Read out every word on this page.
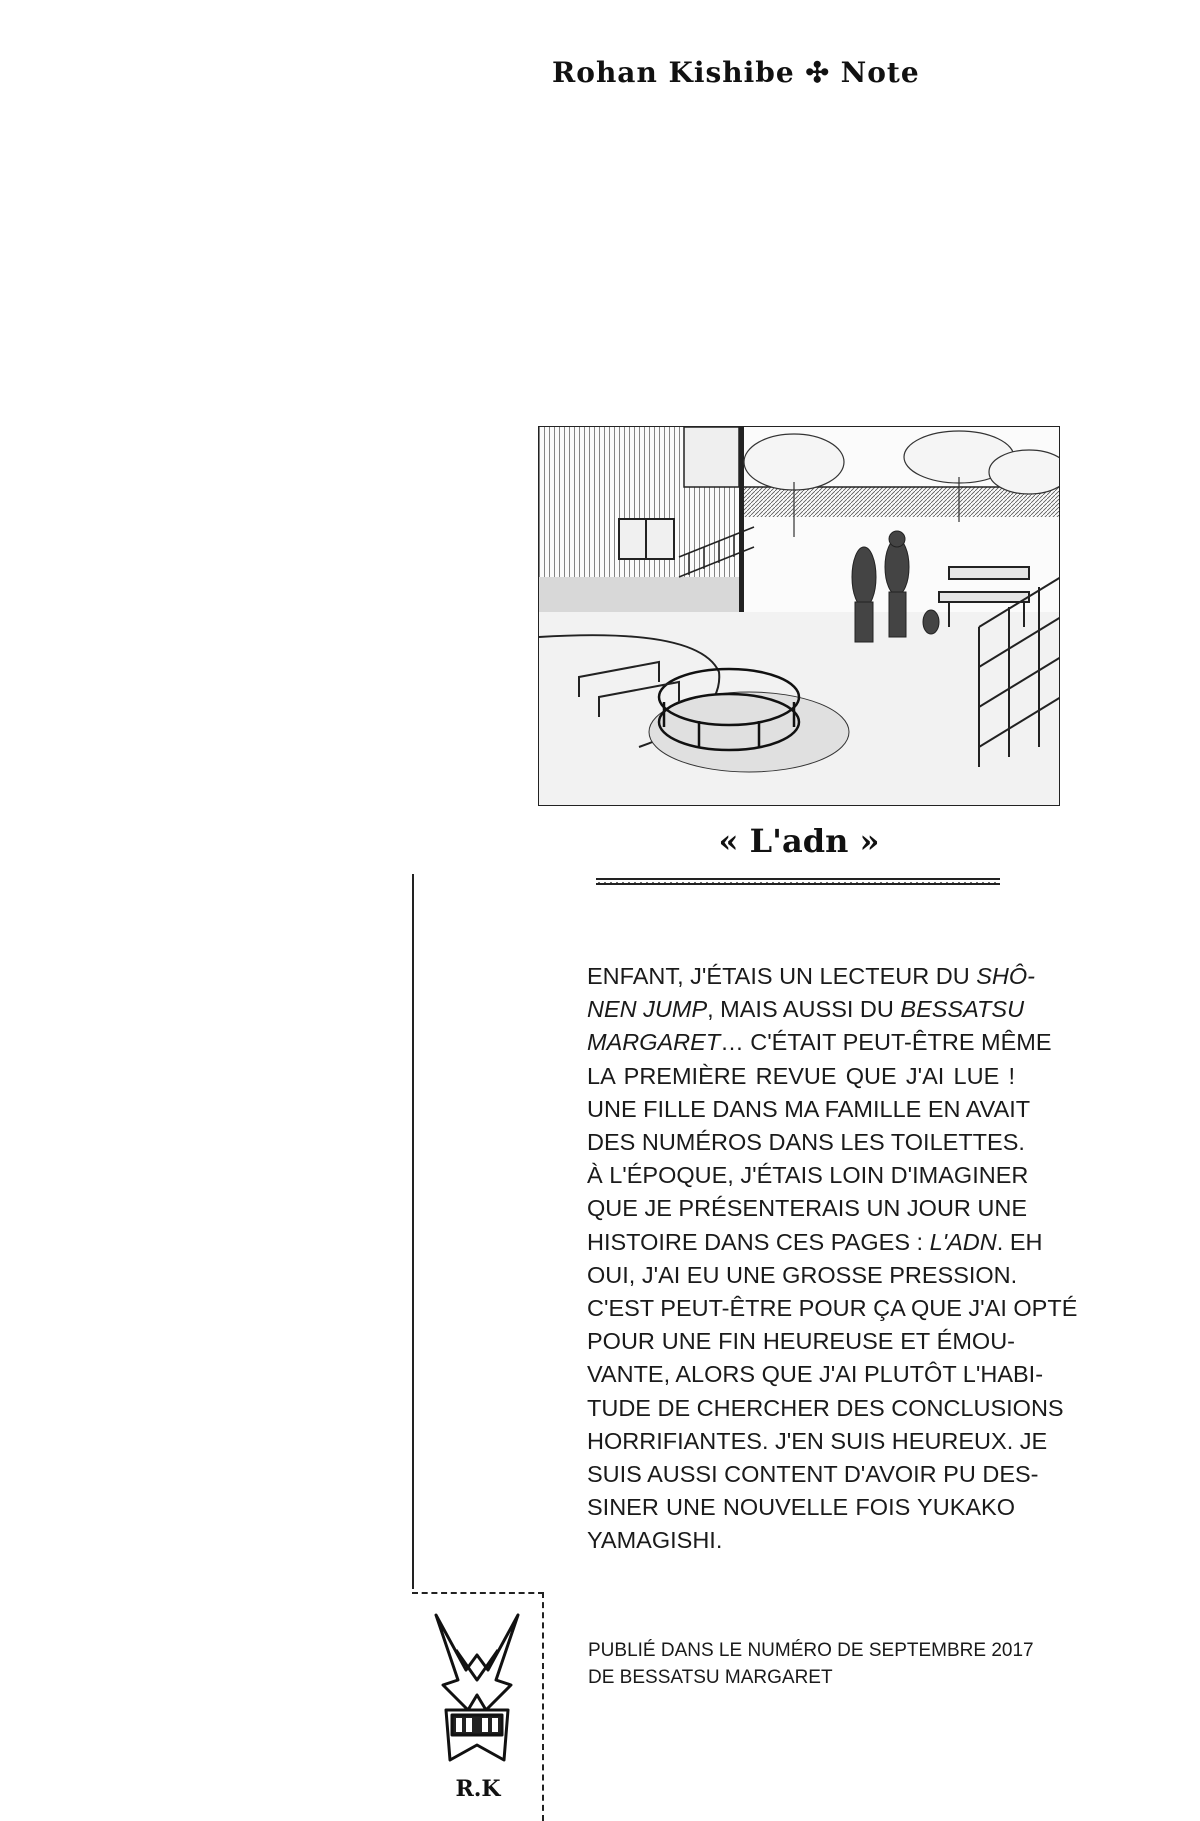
Rohan Kishibe ✣ Note
« L'adn »
ENFANT, J'ÉTAIS UN LECTEUR DU SHÔ-
NEN JUMP, MAIS AUSSI DU BESSATSU
MARGARET… C'ÉTAIT PEUT-ÊTRE MÊME
LA PREMIÈRE REVUE QUE J'AI LUE !
UNE FILLE DANS MA FAMILLE EN AVAIT
DES NUMÉROS DANS LES TOILETTES.
À L'ÉPOQUE, J'ÉTAIS LOIN D'IMAGINER
QUE JE PRÉSENTERAIS UN JOUR UNE
HISTOIRE DANS CES PAGES : L'ADN. EH
OUI, J'AI EU UNE GROSSE PRESSION.
C'EST PEUT-ÊTRE POUR ÇA QUE J'AI OPTÉ
POUR UNE FIN HEUREUSE ET ÉMOU-
VANTE, ALORS QUE J'AI PLUTÔT L'HABI-
TUDE DE CHERCHER DES CONCLUSIONS
HORRIFIANTES. J'EN SUIS HEUREUX. JE
SUIS AUSSI CONTENT D'AVOIR PU DES-
SINER UNE NOUVELLE FOIS YUKAKO
YAMAGISHI.
R.K
PUBLIÉ DANS LE NUMÉRO DE SEPTEMBRE 2017
DE BESSATSU MARGARET
